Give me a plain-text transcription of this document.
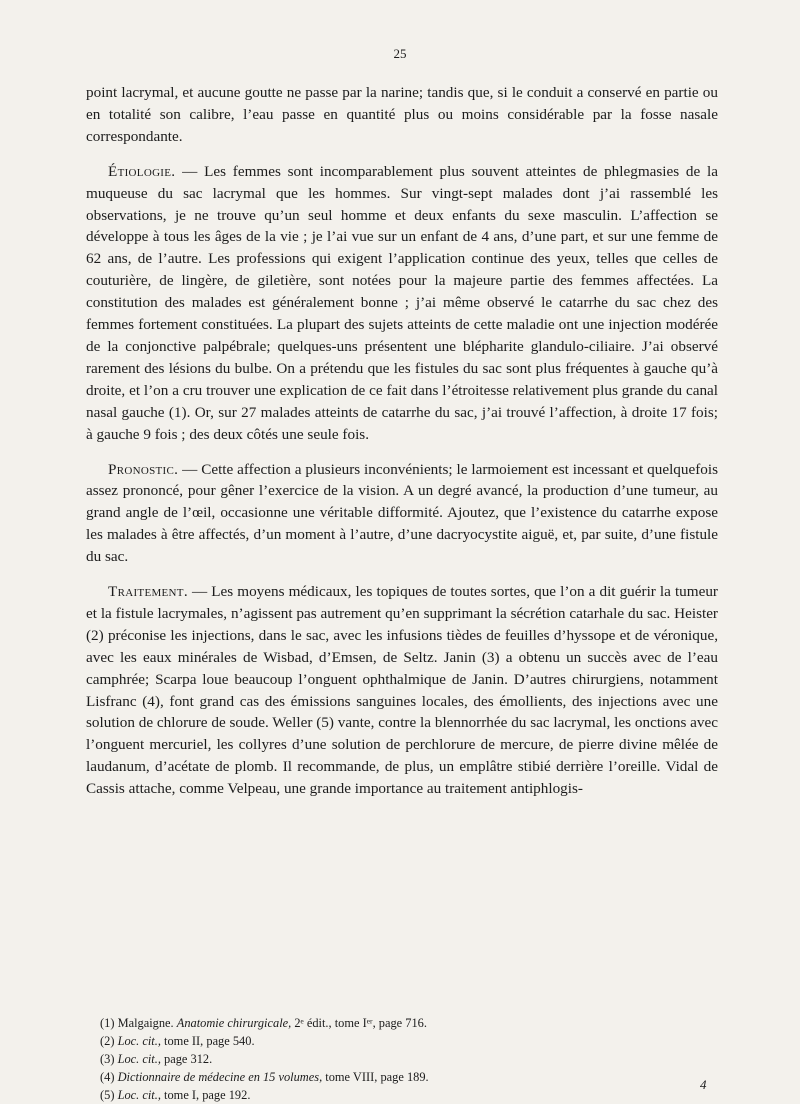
25

point lacrymal, et aucune goutte ne passe par la narine; tandis que, si le conduit a conservé en partie ou en totalité son calibre, l’eau passe en quantité plus ou moins considérable par la fosse nasale correspondante.

Étiologie. — Les femmes sont incomparablement plus souvent atteintes de phlegmasies de la muqueuse du sac lacrymal que les hommes. Sur vingt-sept malades dont j’ai rassemblé les observations, je ne trouve qu’un seul homme et deux enfants du sexe masculin. L’affection se développe à tous les âges de la vie ; je l’ai vue sur un enfant de 4 ans, d’une part, et sur une femme de 62 ans, de l’autre. Les professions qui exigent l’application continue des yeux, telles que celles de couturière, de lingère, de giletière, sont notées pour la majeure partie des femmes affectées. La constitution des malades est généralement bonne ; j’ai même observé le catarrhe du sac chez des femmes fortement constituées. La plupart des sujets atteints de cette maladie ont une injection modérée de la conjonctive palpébrale; quelques-uns présentent une blépharite glandulo-ciliaire. J’ai observé rarement des lésions du bulbe. On a prétendu que les fistules du sac sont plus fréquentes à gauche qu’à droite, et l’on a cru trouver une explication de ce fait dans l’étroitesse relativement plus grande du canal nasal gauche (1). Or, sur 27 malades atteints de catarrhe du sac, j’ai trouvé l’affection, à droite 17 fois; à gauche 9 fois ; des deux côtés une seule fois.

Pronostic. — Cette affection a plusieurs inconvénients; le larmoiement est incessant et quelquefois assez prononcé, pour gêner l’exercice de la vision. A un degré avancé, la production d’une tumeur, au grand angle de l’œil, occasionne une véritable difformité. Ajoutez, que l’existence du catarrhe expose les malades à être affectés, d’un moment à l’autre, d’une dacryocystite aiguë, et, par suite, d’une fistule du sac.

Traitement. — Les moyens médicaux, les topiques de toutes sortes, que l’on a dit guérir la tumeur et la fistule lacrymales, n’agissent pas autrement qu’en supprimant la sécrétion catarhale du sac. Heister (2) préconise les injections, dans le sac, avec les infusions tièdes de feuilles d’hyssope et de véronique, avec les eaux minérales de Wisbad, d’Emsen, de Seltz. Janin (3) a obtenu un succès avec de l’eau camphrée; Scarpa loue beaucoup l’onguent ophthalmique de Janin. D’autres chirurgiens, notamment Lisfranc (4), font grand cas des émissions sanguines locales, des émollients, des injections avec une solution de chlorure de soude. Weller (5) vante, contre la blennorrhée du sac lacrymal, les onctions avec l’onguent mercuriel, les collyres d’une solution de perchlorure de mercure, de pierre divine mêlée de laudanum, d’acétate de plomb. Il recommande, de plus, un emplâtre stibié derrière l’oreille. Vidal de Cassis attache, comme Velpeau, une grande importance au traitement antiphlogis-

(1) Malgaigne. Anatomie chirurgicale, 2ᵉ édit., tome Iᵉʳ, page 716.
(2) Loc. cit., tome II, page 540.
(3) Loc. cit., page 312.
(4) Dictionnaire de médecine en 15 volumes, tome VIII, page 189.
(5) Loc. cit., tome I, page 192.
4
